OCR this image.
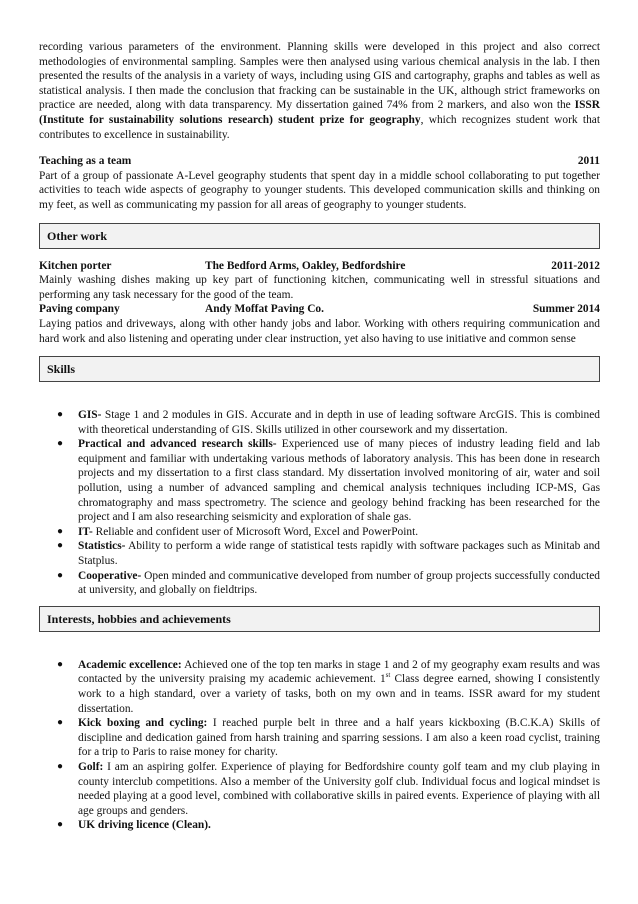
recording various parameters of the environment. Planning skills were developed in this project and also correct methodologies of environmental sampling. Samples were then analysed using various chemical analysis in the lab. I then presented the results of the analysis in a variety of ways, including using GIS and cartography, graphs and tables as well as statistical analysis. I then made the conclusion that fracking can be sustainable in the UK, although strict frameworks on practice are needed, along with data transparency. My dissertation gained 74% from 2 markers, and also won the ISSR (Institute for sustainability solutions research) student prize for geography, which recognizes student work that contributes to excellence in sustainability.

Teaching as a team	2011

Part of a group of passionate A-Level geography students that spent day in a middle school collaborating to put together activities to teach wide aspects of geography to younger students. This developed communication skills and thinking on my feet, as well as communicating my passion for all areas of geography to younger students.

Other work
Kitchen porter	The Bedford Arms, Oakley, Bedfordshire	2011-2012

Mainly washing dishes making up key part of functioning kitchen, communicating well in stressful situations and performing any task necessary for the good of the team.

Paving company	Andy Moffat Paving Co.	Summer 2014

Laying patios and driveways, along with other handy jobs and labor. Working with others requiring communication and hard work and also listening and operating under clear instruction, yet also having to use initiative and common sense

Skills
● GIS- Stage 1 and 2 modules in GIS. Accurate and in depth in use of leading software ArcGIS. This is combined with theoretical understanding of GIS. Skills utilized in other coursework and my dissertation.
● Practical and advanced research skills- Experienced use of many pieces of industry leading field and lab equipment and familiar with undertaking various methods of laboratory analysis. This has been done in research projects and my dissertation to a first class standard. My dissertation involved monitoring of air, water and soil pollution, using a number of advanced sampling and chemical analysis techniques including ICP-MS, Gas chromatography and mass spectrometry. The science and geology behind fracking has been researched for the project and I am also researching seismicity and exploration of shale gas.
● IT- Reliable and confident user of Microsoft Word, Excel and PowerPoint.
● Statistics- Ability to perform a wide range of statistical tests rapidly with software packages such as Minitab and Statplus.
● Cooperative- Open minded and communicative developed from number of group projects successfully conducted at university, and globally on fieldtrips.
Interests, hobbies and achievements
● Academic excellence: Achieved one of the top ten marks in stage 1 and 2 of my geography exam results and was contacted by the university praising my academic achievement. 1st Class degree earned, showing I consistently work to a high standard, over a variety of tasks, both on my own and in teams. ISSR award for my student dissertation.
● Kick boxing and cycling: I reached purple belt in three and a half years kickboxing (B.C.K.A) Skills of discipline and dedication gained from harsh training and sparring sessions. I am also a keen road cyclist, training for a trip to Paris to raise money for charity.
● Golf: I am an aspiring golfer. Experience of playing for Bedfordshire county golf team and my club playing in county interclub competitions. Also a member of the University golf club. Individual focus and logical mindset is needed playing at a good level, combined with collaborative skills in paired events. Experience of playing with all age groups and genders.
● UK driving licence (Clean).
